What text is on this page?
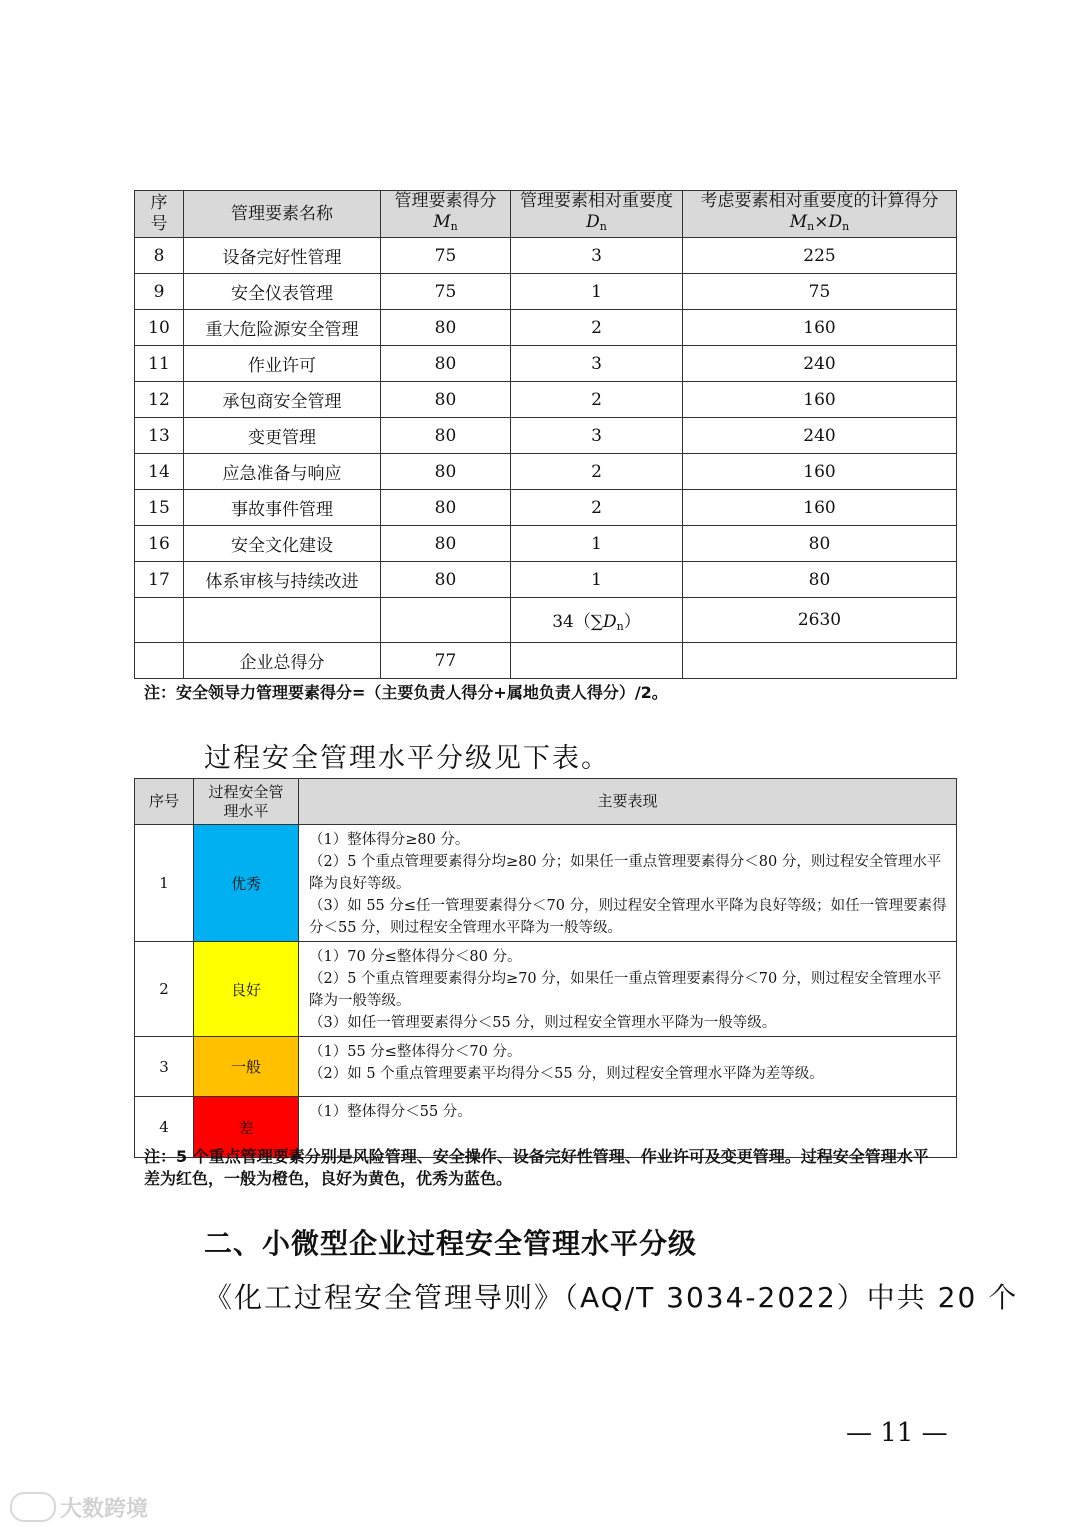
序号	管理要素名称	管理要素得分 $M_n$	管理要素相对重要度 $D_n$	考虑要素相对重要度的计算得分 $M_n\times D_n$
8	设备完好性管理	75	3	225
9	安全仪表管理	75	1	75
10	重大危险源安全管理	80	2	160
11	作业许可	80	3	240
12	承包商安全管理	80	2	160
13	变更管理	80	3	240
14	应急准备与响应	80	2	160
15	事故事件管理	80	2	160
16	安全文化建设	80	1	80
17	体系审核与持续改进	80	1	80
			$34(\sum D_n)$	2630
	企业总得分	77		
注：安全领导力管理要素得分=（主要负责人得分+属地负责人得分）/2。
过程安全管理水平分级见下表。
序号	过程安全管理水平	主要表现
1	优秀	（1）整体得分≥80 分。
（2）5 个重点管理要素得分均≥80 分；如果任一重点管理要素得分＜80 分，则过程安全管理水平降为良好等级。
（3）如 55 分≤任一管理要素得分＜70 分，则过程安全管理水平降为良好等级；如任一管理要素得分＜55 分，则过程安全管理水平降为一般等级。

2	良好	（1）70 分≤整体得分＜80 分。
（2）5 个重点管理要素得分均≥70 分，如果任一重点管理要素得分＜70 分，则过程安全管理水平降为一般等级。
（3）如任一管理要素得分＜55 分，则过程安全管理水平降为一般等级。

3	一般	（1）55 分≤整体得分＜70 分。
（2）如 5 个重点管理要素平均得分＜55 分，则过程安全管理水平降为差等级。

4	差	（1）整体得分＜55 分。
注：5 个重点管理要素分别是风险管理、安全操作、设备完好性管理、作业许可及变更管理。过程安全管理水平差为红色，一般为橙色，良好为黄色，优秀为蓝色。
二、小微型企业过程安全管理水平分级
《化工过程安全管理导则》（AQ/T 3034-2022）中共 20 个
— 11 —
大数跨境
